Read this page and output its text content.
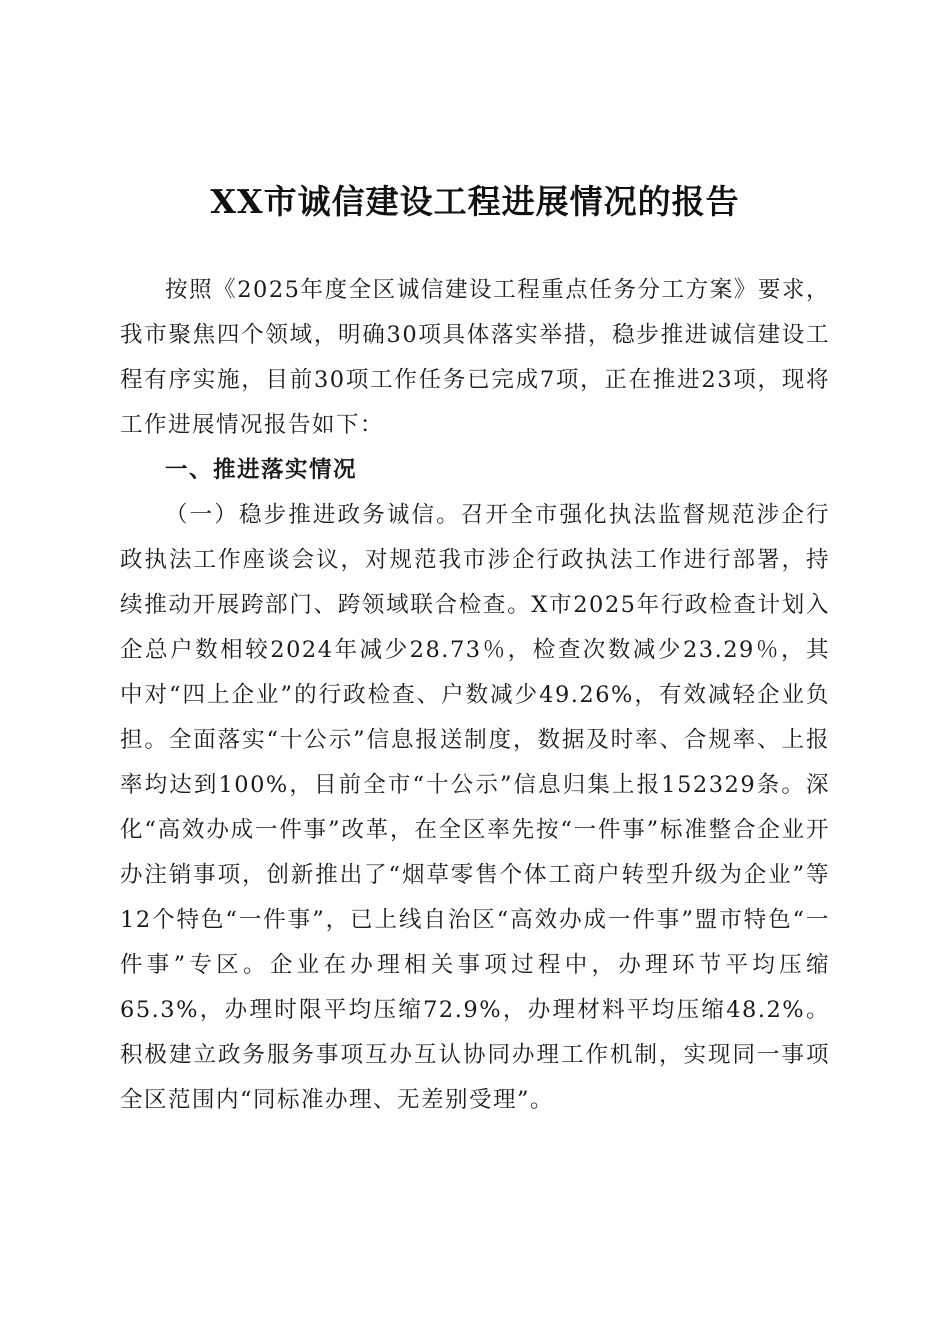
XX市诚信建设工程进展情况的报告

按照《2025年度全区诚信建设工程重点任务分工方案》要求，我市聚焦四个领域，明确30项具体落实举措，稳步推进诚信建设工程有序实施，目前30项工作任务已完成7项，正在推进23项，现将工作进展情况报告如下：

一、推进落实情况

（一）稳步推进政务诚信。召开全市强化执法监督规范涉企行政执法工作座谈会议，对规范我市涉企行政执法工作进行部署，持续推动开展跨部门、跨领域联合检查。X市2025年行政检查计划入企总户数相较2024年减少28.73％，检查次数减少23.29％，其中对“四上企业”的行政检查、户数减少49.26%，有效减轻企业负担。全面落实“十公示”信息报送制度，数据及时率、合规率、上报率均达到100%，目前全市“十公示”信息归集上报152329条。深化“高效办成一件事”改革，在全区率先按“一件事”标准整合企业开办注销事项，创新推出了“烟草零售个体工商户转型升级为企业”等12个特色“一件事”，已上线自治区“高效办成一件事”盟市特色“一件事”专区。企业在办理相关事项过程中，办理环节平均压缩65.3%，办理时限平均压缩72.9%，办理材料平均压缩48.2%。积极建立政务服务事项互办互认协同办理工作机制，实现同一事项全区范围内“同标准办理、无差别受理”。
